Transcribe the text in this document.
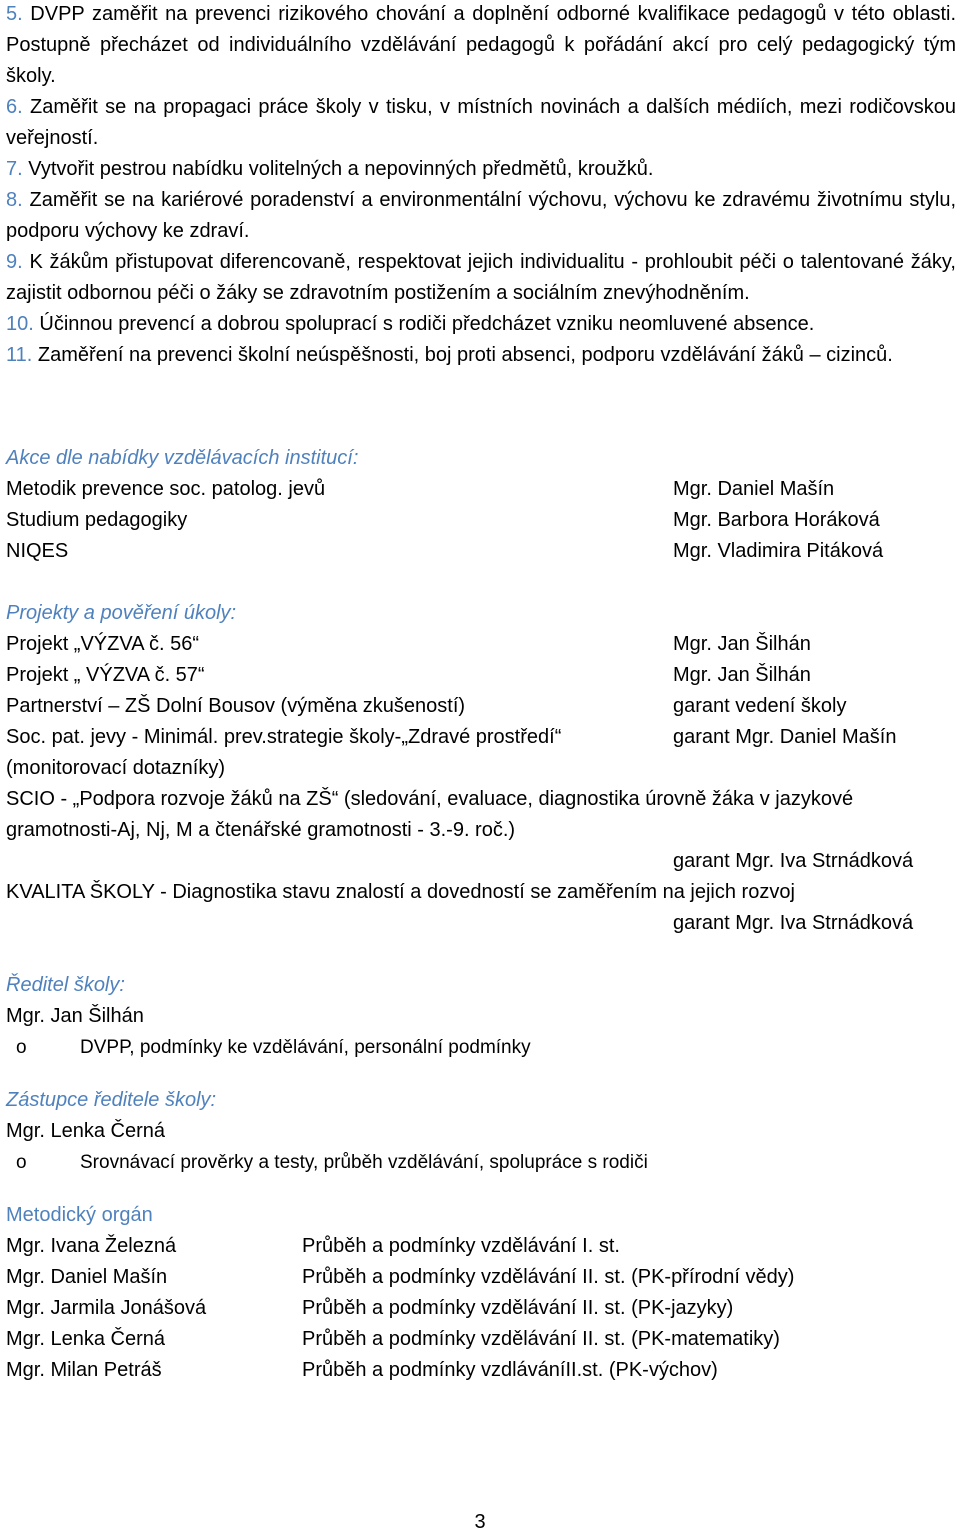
5. DVPP zaměřit na prevenci rizikového chování a doplnění odborné kvalifikace pedagogů v této oblasti. Postupně přecházet od individuálního vzdělávání pedagogů k pořádání akcí pro celý pedagogický tým školy.

6. Zaměřit se na propagaci práce školy v tisku, v místních novinách a dalších médiích, mezi rodičovskou veřejností.

7. Vytvořit pestrou nabídku volitelných a nepovinných předmětů, kroužků.

8. Zaměřit se na kariérové poradenství a environmentální výchovu, výchovu ke zdravému životnímu stylu, podporu výchovy ke zdraví.

9. K žákům přistupovat diferencovaně, respektovat jejich individualitu - prohloubit péči o talentované žáky, zajistit odbornou péči o žáky se zdravotním postižením a sociálním znevýhodněním.

10. Účinnou prevencí a dobrou spoluprací s rodiči předcházet vzniku neomluvené absence.

11. Zaměření na prevenci školní neúspěšnosti, boj proti absenci, podporu vzdělávání žáků – cizinců.

Akce dle nabídky vzdělávacích institucí:

Metodik prevence soc. patolog. jevů	Mgr. Daniel Mašín
Studium pedagogiky	Mgr. Barbora Horáková
NIQES	Mgr. Vladimira Pitáková

Projekty a pověření úkoly:

Projekt „VÝZVA č. 56“	Mgr. Jan Šilhán
Projekt „ VÝZVA č. 57“	Mgr. Jan Šilhán
Partnerství – ZŠ Dolní Bousov (výměna zkušeností)	garant vedení školy
Soc. pat. jevy - Minimál. prev.strategie školy-„Zdravé prostředí“	garant Mgr. Daniel Mašín

(monitorovací dotazníky)

SCIO - „Podpora rozvoje žáků na ZŠ“ (sledování, evaluace, diagnostika úrovně žáka v jazykové gramotnosti-Aj, Nj, M a čtenářské gramotnosti - 3.-9. roč.)

garant Mgr. Iva Strnádková

KVALITA ŠKOLY - Diagnostika stavu znalostí a dovedností se zaměřením na jejich rozvoj

garant Mgr. Iva Strnádková

Ředitel školy:

Mgr. Jan Šilhán

o	DVPP, podmínky ke vzdělávání, personální podmínky

Zástupce ředitele školy:

Mgr. Lenka Černá

o	Srovnávací prověrky a testy, průběh vzdělávání, spolupráce s rodiči

Metodický orgán

Mgr. Ivana Železná	Průběh a podmínky vzdělávání I. st.
Mgr. Daniel Mašín	Průběh a podmínky vzdělávání II. st. (PK-přírodní vědy)
Mgr. Jarmila Jonášová	Průběh a podmínky vzdělávání II. st. (PK-jazyky)
Mgr. Lenka Černá	Průběh a podmínky vzdělávání II. st. (PK-matematiky)
Mgr. Milan Petráš	Průběh a podmínky vzdlávání​II.st. (PK-výchov)
3
